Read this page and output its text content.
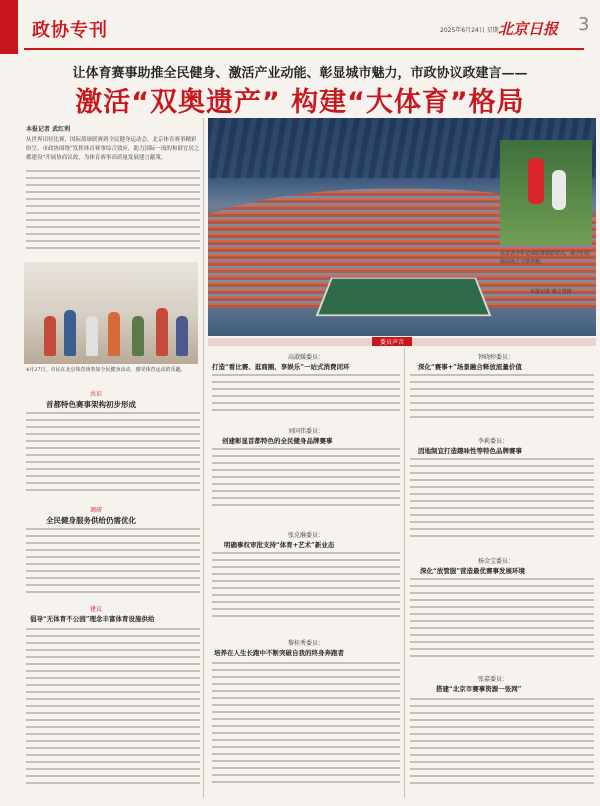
政协专刊	2025年6月24日 星期二
北京日报 3
让体育赛事助推全民健身、激活产业动能、彰显城市魅力，市政协议政建言——
激活“双奥遗产” 构建“大体育”格局
本报记者 武红利
从世界田径比赛、国际篮球联赛到全民健身运动会，北京体育赛事精彩纷呈。市政协围绕“发挥体育赛事综合效应，助力国际一流的和谐宜居之都建设”开展协商议政，为体育赛事高质量发展建言献策。
4月27日，市民在北京体育场参加全民健身活动，感受体育运动的乐趣。
共识
首都特色赛事架构初步形成
调研
全民健身服务供给仍需优化
建议
倡导“无体育不公园”理念丰富体育设施供给
北京青少年足球联赛精彩对决，孩子们在绿茵场上尽情奔跑。
本报记者 潘之望摄
委员声音
高淑媛委员：
打造“看比赛、逛商圈、享娱乐”一站式消费闭环
刘国伟委员：
创建彰显首都特色的全民健身品牌赛事
张克瀚委员：
明确事权审批支持“体育+艺术”新业态
黎桂秀委员：
培养在人生长跑中不断突破自我的终身奔跑者
钟晓婷委员：
深化“赛事+”场景融合释放流量价值
李莉委员：
因地制宜打造趣味性等特色品牌赛事
杨金宝委员：
深化“放管服”营造最优赛事发展环境
张嘉委员：
搭建“北京市赛事资源一张网”
